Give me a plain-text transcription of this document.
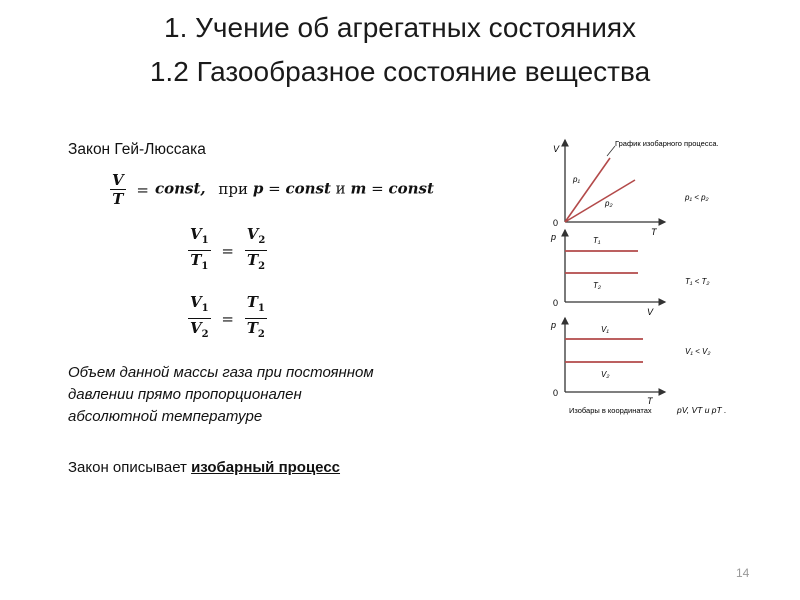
1. Учение об агрегатных состояниях
1.2 Газообразное состояние вещества
Закон Гей-Люссака
$\frac{V}{T}$ = const, при p = const и m = const
$\frac{V_1}{T_1} = \frac{V_2}{T_2}$
$\frac{V_1}{V_2} = \frac{T_1}{T_2}$
Объем данной массы газа при постоянном
давлении прямо пропорционален
абсолютной температуре
Закон описывает изобарный процесс
V
T
0
p₁
p₂
График изобарного процесса.
p₁ < p₂
p
V
0
T₁
T₂	T₁ < T₂
p
T
0
V₁
V₂
V₁ < V₂
Изобары в координатах	pV, VT и pT .
14
